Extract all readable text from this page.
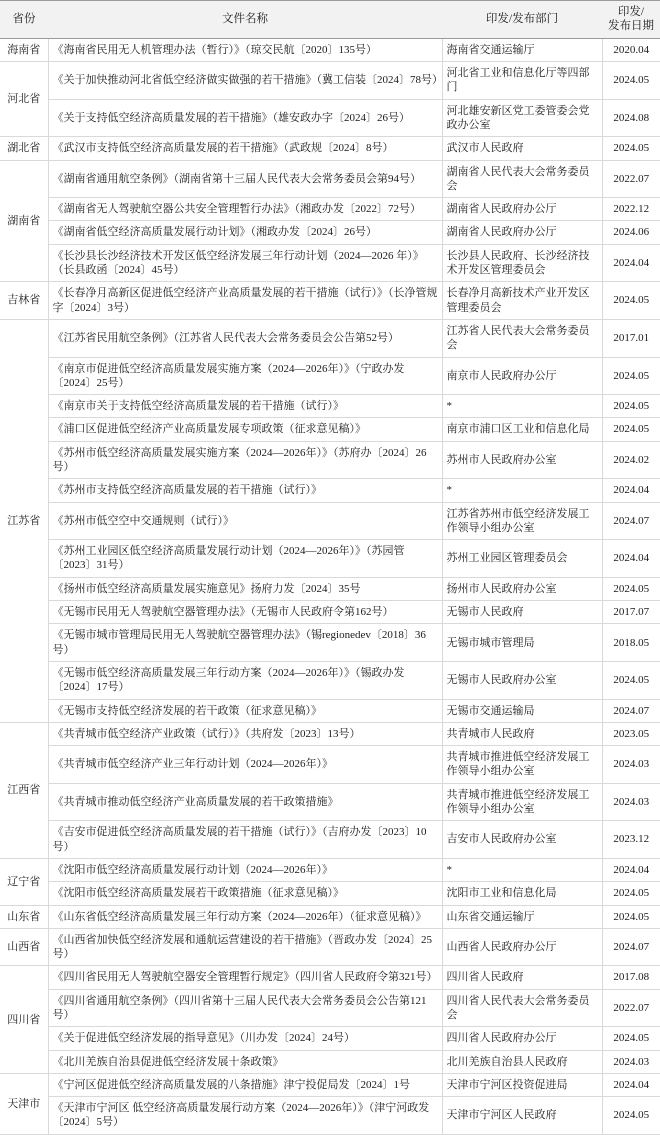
省份	文件名称	印发/发布部门	印发/
发布日期

海南省	《海南省民用无人机管理办法（暂行）》（琼交民航〔2020〕135号）	海南省交通运输厅	2020.04
河北省	《关于加快推动河北省低空经济做实做强的若干措施》（冀工信装〔2024〕78号）	河北省工业和信息化厅等四部门	2024.05
	《关于支持低空经济高质量发展的若干措施》（雄安政办字〔2024〕26号）	河北雄安新区党工委管委会党政办公室	2024.08
湖北省	《武汉市支持低空经济高质量发展的若干措施》（武政规〔2024〕8号）	武汉市人民政府	2024.05
湖南省	《湖南省通用航空条例》（湖南省第十三届人民代表大会常务委员会第94号）	湖南省人民代表大会常务委员会	2022.07
	《湖南省无人驾驶航空器公共安全管理暂行办法》（湘政办发〔2022〕72号）	湖南省人民政府办公厅	2022.12
	《湖南省低空经济高质量发展行动计划》（湘政办发〔2024〕26号）	湖南省人民政府办公厅	2024.06
	《长沙县长沙经济技术开发区低空经济发展三年行动计划（2024—2026 年）》（长县政函〔2024〕45号）	长沙县人民政府、长沙经济技术开发区管理委员会	2024.04
吉林省	《长春净月高新区促进低空经济产业高质量发展的若干措施（试行）》（长净管规字〔2024〕3号）	长春净月高新技术产业开发区管理委员会	2024.05
江苏省	《江苏省民用航空条例》（江苏省人民代表大会常务委员会公告第52号）	江苏省人民代表大会常务委员会	2017.01
	《南京市促进低空经济高质量发展实施方案（2024—2026年）》（宁政办发〔2024〕25号）	南京市人民政府办公厅	2024.05
	《南京市关于支持低空经济高质量发展的若干措施（试行）》	*	2024.05
	《浦口区促进低空经济产业高质量发展专项政策（征求意见稿）》	南京市浦口区工业和信息化局	2024.05
	《苏州市低空经济高质量发展实施方案（2024—2026年）》（苏府办〔2024〕26号）	苏州市人民政府办公室	2024.02
	《苏州市支持低空经济高质量发展的若干措施（试行）》	*	2024.04
	《苏州市低空空中交通规则（试行）》	江苏省苏州市低空经济发展工作领导小组办公室	2024.07
	《苏州工业园区低空经济高质量发展行动计划（2024—2026年）》（苏园管〔2023〕31号）	苏州工业园区管理委员会	2024.04
	《扬州市低空经济高质量发展实施意见》扬府力发〔2024〕35号	扬州市人民政府办公室	2024.05
	《无锡市民用无人驾驶航空器管理办法》（无锡市人民政府令第162号）	无锡市人民政府	2017.07
	《无锡市城市管理局民用无人驾驶航空器管理办法》（锡regionedev〔2018〕36号）	无锡市城市管理局	2018.05
	《无锡市低空经济高质量发展三年行动方案（2024—2026年）》（锡政办发〔2024〕17号）	无锡市人民政府办公室	2024.05
	《无锡市支持低空经济发展的若干政策（征求意见稿）》	无锡市交通运输局	2024.07
江西省	《共青城市低空经济产业政策（试行）》（共府发〔2023〕13号）	共青城市人民政府	2023.05
	《共青城市低空经济产业三年行动计划（2024—2026年）》	共青城市推进低空经济发展工作领导小组办公室	2024.03
	《共青城市推动低空经济产业高质量发展的若干政策措施》	共青城市推进低空经济发展工作领导小组办公室	2024.03
	《吉安市促进低空经济高质量发展的若干措施（试行）》（吉府办发〔2023〕10号）	吉安市人民政府办公室	2023.12
辽宁省	《沈阳市低空经济高质量发展行动计划（2024—2026年）》	*	2024.04
	《沈阳市低空经济高质量发展若干政策措施（征求意见稿）》	沈阳市工业和信息化局	2024.05
山东省	《山东省低空经济高质量发展三年行动方案（2024—2026年）（征求意见稿）》	山东省交通运输厅	2024.05
山西省	《山西省加快低空经济发展和通航运营建设的若干措施》（晋政办发〔2024〕25号）	山西省人民政府办公厅	2024.07
四川省	《四川省民用无人驾驶航空器安全管理暂行规定》（四川省人民政府令第321号）	四川省人民政府	2017.08
	《四川省通用航空条例》（四川省第十三届人民代表大会常务委员会公告第121号）	四川省人民代表大会常务委员会	2022.07
	《关于促进低空经济发展的指导意见》（川办发〔2024〕24号）	四川省人民政府办公厅	2024.05
	《北川羌族自治县促进低空经济发展十条政策》	北川羌族自治县人民政府	2024.03
天津市	《宁河区促进低空经济高质量发展的八条措施》津宁投促局发〔2024〕1号	天津市宁河区投资促进局	2024.04
	《天津市宁河区 低空经济高质量发展行动方案（2024—2026年）》（津宁河政发〔2024〕5号）	天津市宁河区人民政府	2024.05
